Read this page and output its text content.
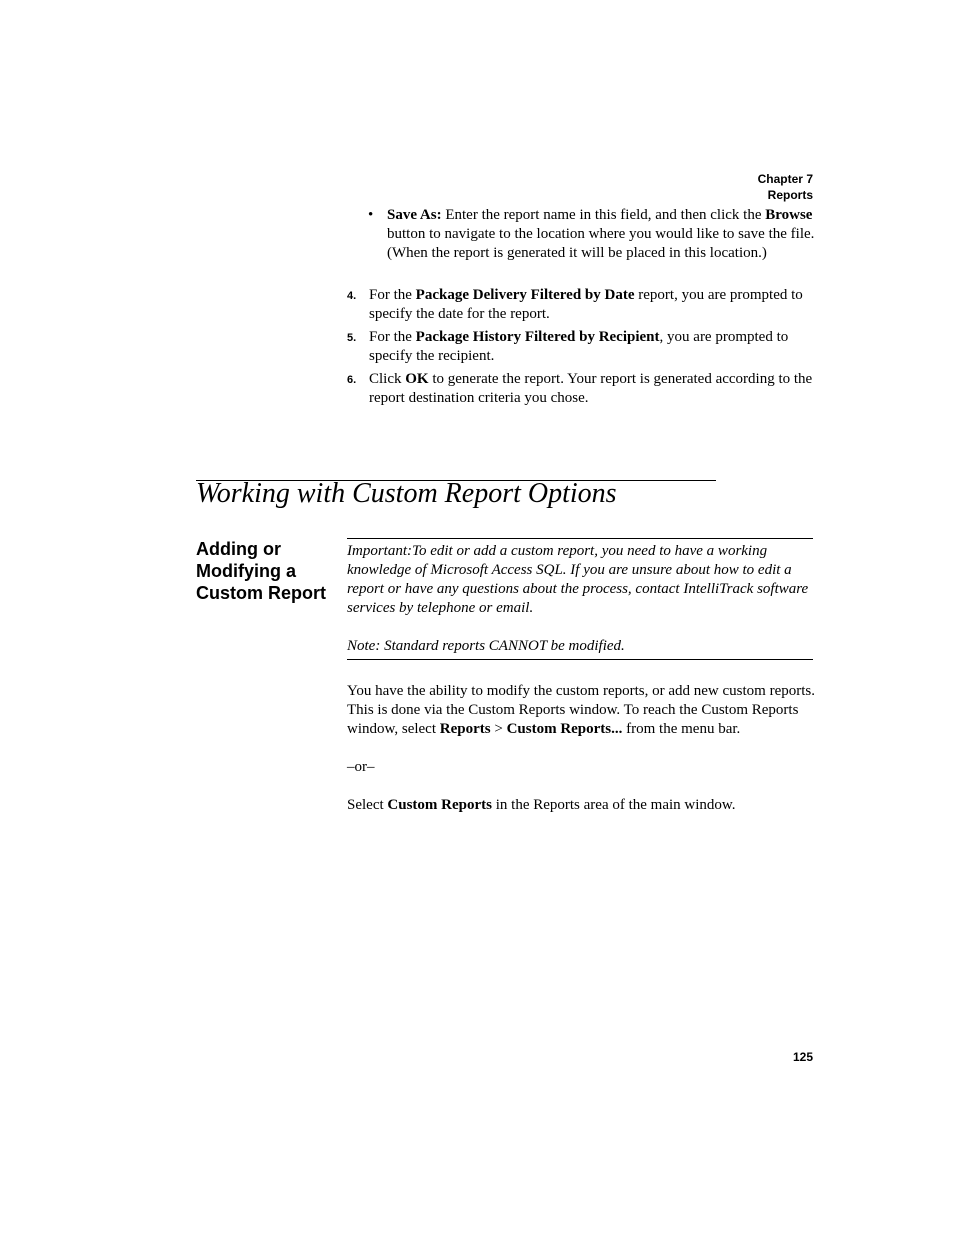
Chapter 7
Reports
• Save As: Enter the report name in this field, and then click the Browse button to navigate to the location where you would like to save the file. (When the report is generated it will be placed in this location.)
4. For the Package Delivery Filtered by Date report, you are prompted to specify the date for the report.
5. For the Package History Filtered by Recipient, you are prompted to specify the recipient.
6. Click OK to generate the report. Your report is generated according to the report destination criteria you chose.
Working with Custom Report Options
Adding or Modifying a Custom Report

Important:To edit or add a custom report, you need to have a working knowledge of Microsoft Access SQL. If you are unsure about how to edit a report or have any questions about the process, contact IntelliTrack software services by telephone or email.

Note: Standard reports CANNOT be modified.

You have the ability to modify the custom reports, or add new custom reports. This is done via the Custom Reports window. To reach the Custom Reports window, select Reports > Custom Reports... from the menu bar.

–or–

Select Custom Reports in the Reports area of the main window.

125
